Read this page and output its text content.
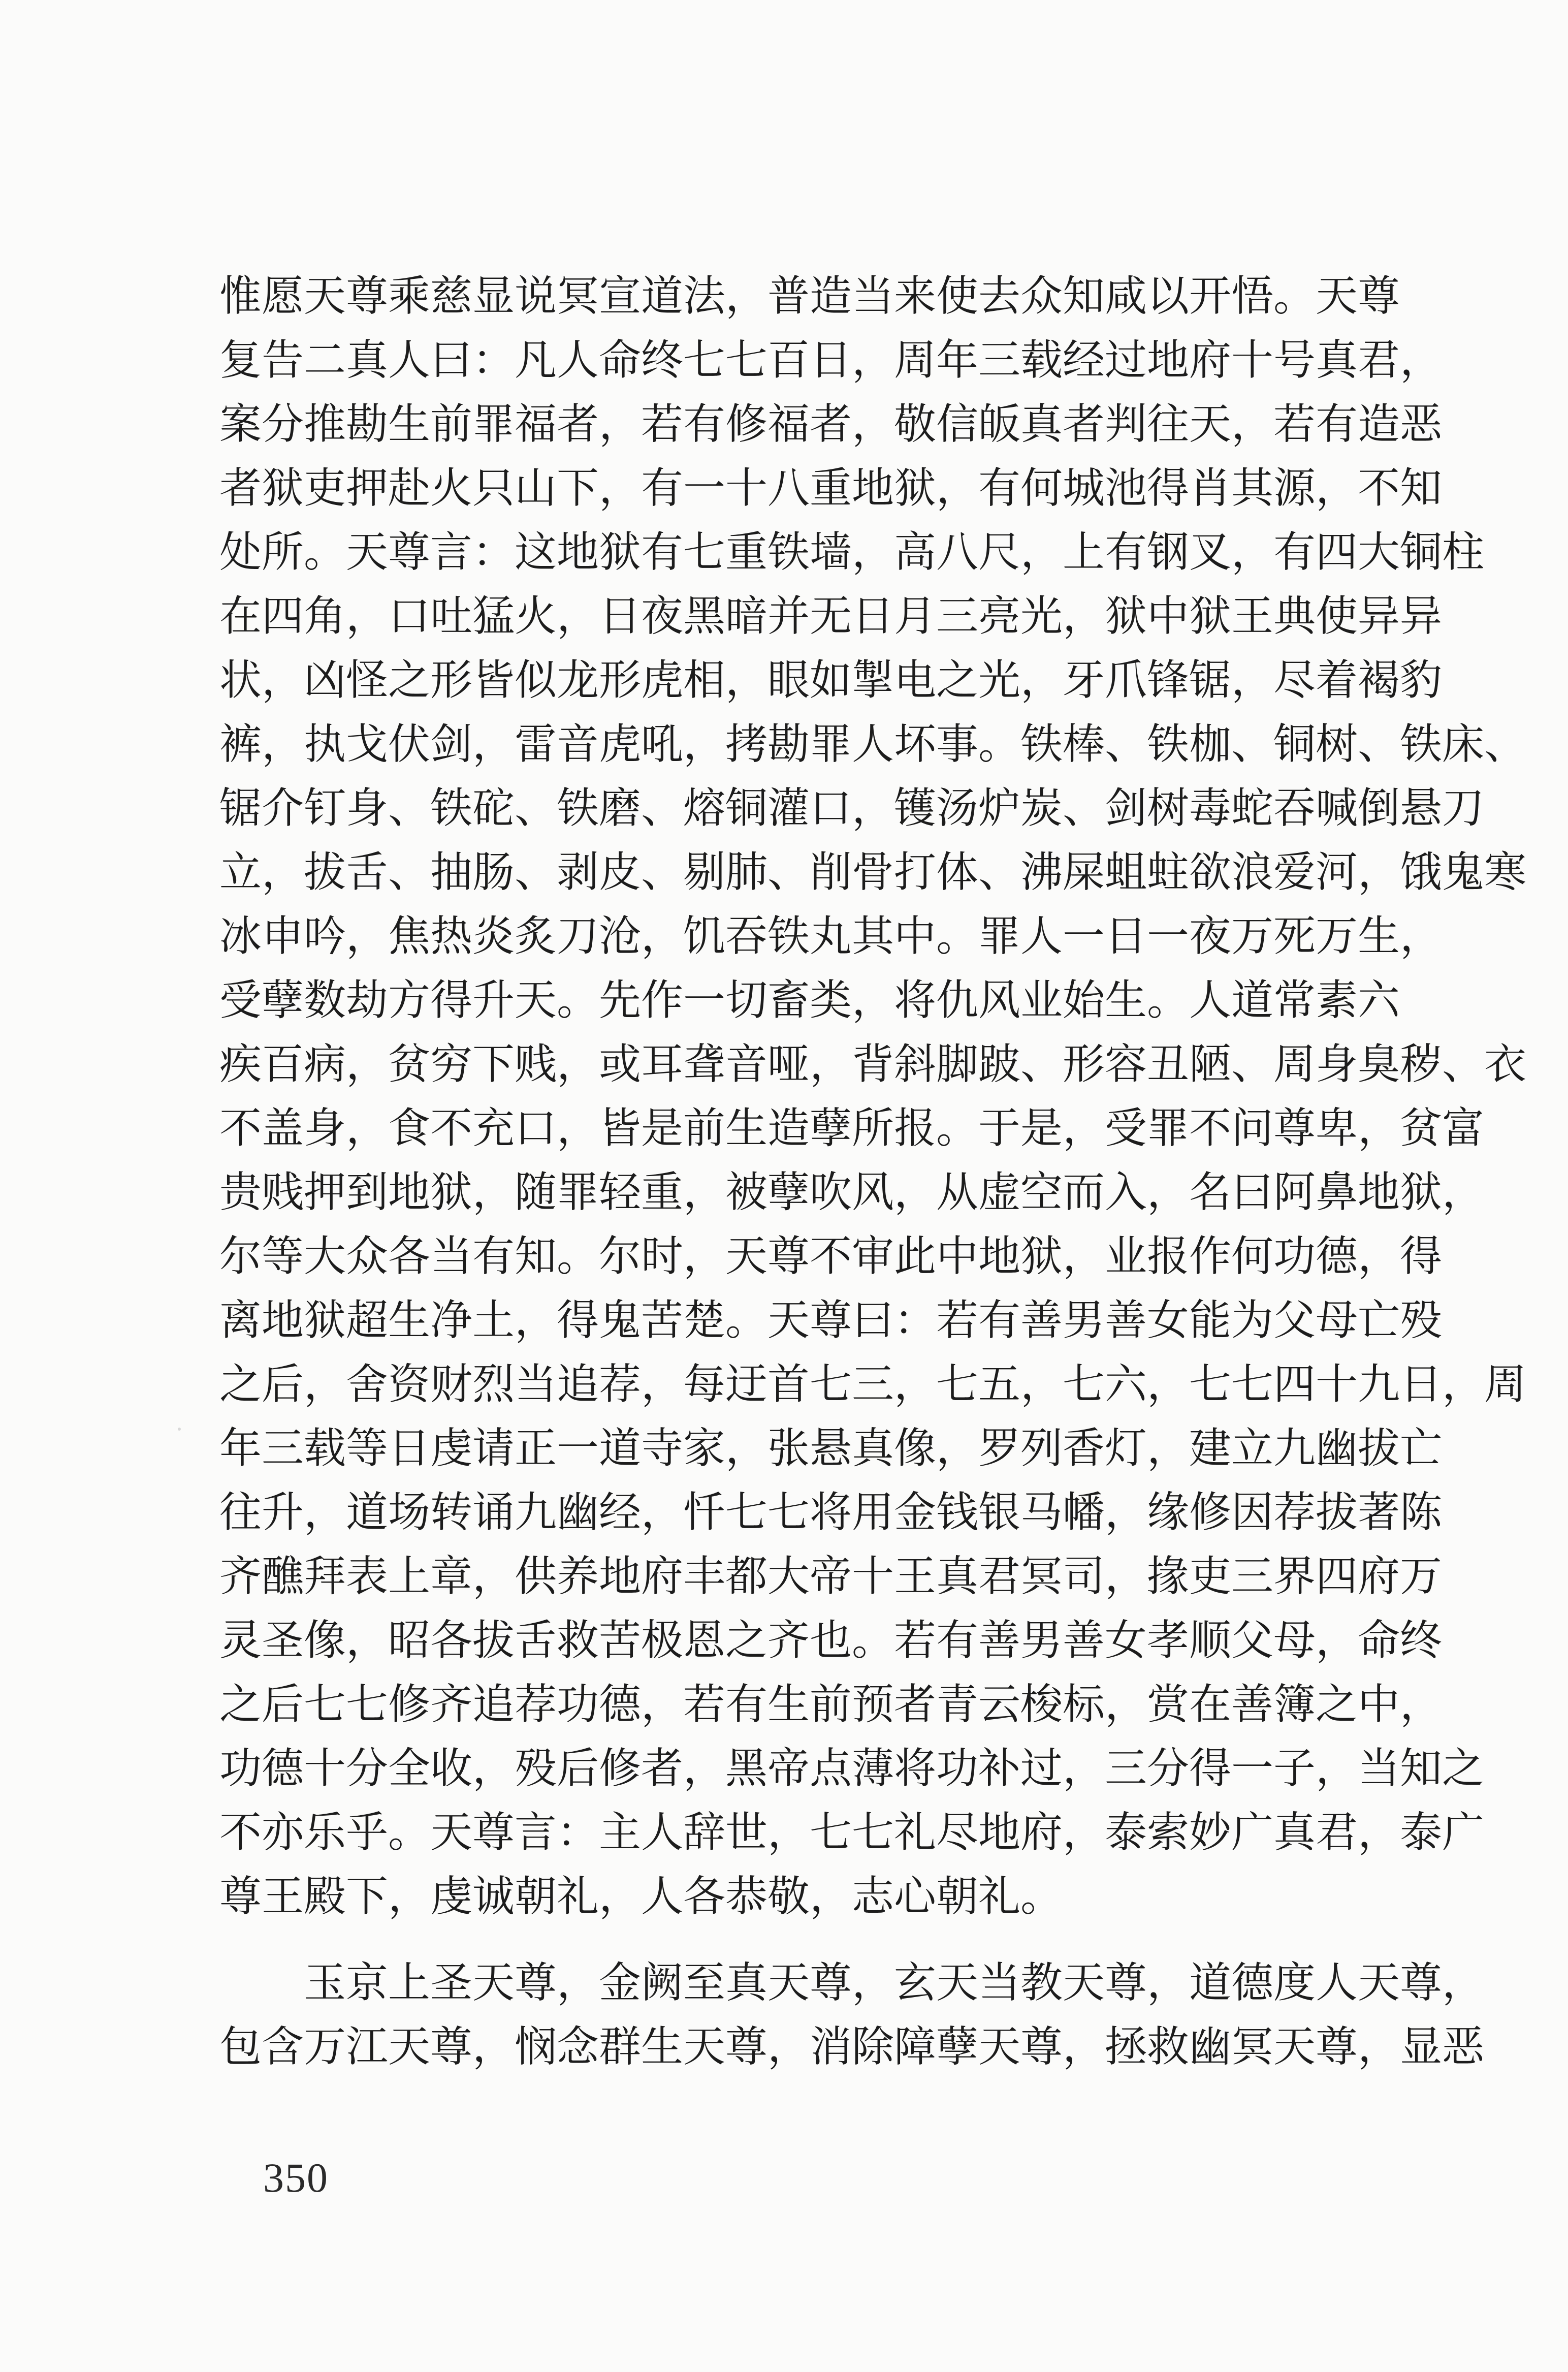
惟愿天尊乘慈显说冥宣道法，普造当来使去众知咸以开悟。天尊
复告二真人曰：凡人命终七七百日，周年三载经过地府十号真君，
案分推勘生前罪福者，若有修福者，敬信皈真者判往天，若有造恶
者狱吏押赴火只山下，有一十八重地狱，有何城池得肖其源，不知
处所。天尊言：这地狱有七重铁墙，高八尺，上有钢叉，有四大铜柱
在四角，口吐猛火，日夜黑暗并无日月三亮光，狱中狱王典使异异
状，凶怪之形皆似龙形虎相，眼如掣电之光，牙爪锋锯，尽着褐豹
裤，执戈伏剑，雷音虎吼，拷勘罪人坏事。铁棒、铁枷、铜树、铁床、
锯介钉身、铁砣、铁磨、熔铜灌口，镬汤炉炭、剑树毒蛇吞喊倒悬刀
立，拔舌、抽肠、剥皮、剔肺、削骨打体、沸屎蛆蛀欲浪爱河，饿鬼寒
冰申吟，焦热炎炙刀沧，饥吞铁丸其中。罪人一日一夜万死万生，
受孽数劫方得升天。先作一切畜类，将仇风业始生。人道常素六
疾百病，贫穷下贱，或耳聋音哑，背斜脚跛、形容丑陋、周身臭秽、衣
不盖身，食不充口，皆是前生造孽所报。于是，受罪不问尊卑，贫富
贵贱押到地狱，随罪轻重，被孽吹风，从虚空而入，名曰阿鼻地狱，
尔等大众各当有知。尔时，天尊不审此中地狱，业报作何功德，得
离地狱超生净土，得鬼苦楚。天尊曰：若有善男善女能为父母亡殁
之后，舍资财烈当追荐，每迂首七三，七五，七六，七七四十九日，周
年三载等日虔请正一道寺家，张悬真像，罗列香灯，建立九幽拔亡
往升，道场转诵九幽经，忏七七将用金钱银马幡，缘修因荐拔著陈
齐醮拜表上章，供养地府丰都大帝十王真君冥司，掾吏三界四府万
灵圣像，昭各拔舌救苦极恩之齐也。若有善男善女孝顺父母，命终
之后七七修齐追荐功德，若有生前预者青云梭标，赏在善簿之中，
功德十分全收，殁后修者，黑帝点薄将功补过，三分得一子，当知之
不亦乐乎。天尊言：主人辞世，七七礼尽地府，泰索妙广真君，泰广
尊王殿下，虔诚朝礼，人各恭敬，志心朝礼。

玉京上圣天尊，金阙至真天尊，玄天当教天尊，道德度人天尊，
包含万江天尊，悯念群生天尊，消除障孽天尊，拯救幽冥天尊，显恶

350
